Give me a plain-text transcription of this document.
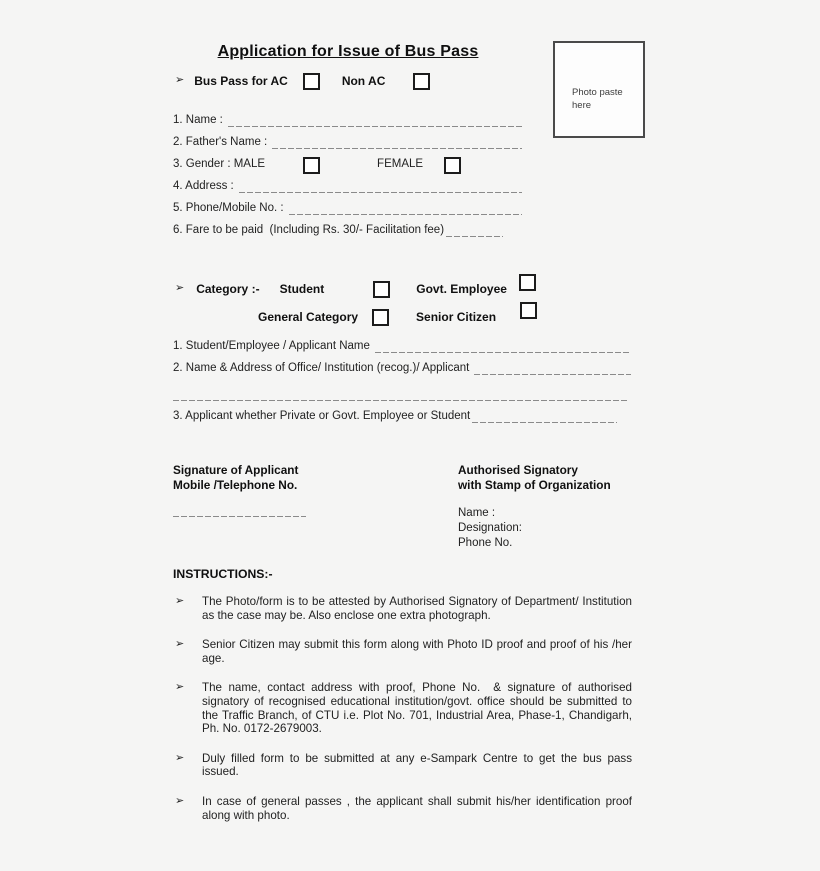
Application for Issue of Bus Pass
Photo paste here
➢ Bus Pass for AC	Non AC
1. Name :
2. Father's Name :
3. Gender : MALE	FEMALE
4. Address :
5. Phone/Mobile No. :
6. Fare to be paid  (Including Rs. 30/- Facilitation fee)
➢ Category :- Student	Govt. Employee
General Category	Senior Citizen
1. Student/Employee / Applicant Name
2. Name & Address of Office/ Institution (recog.)/ Applicant
3. Applicant whether Private or Govt. Employee or Student
Signature of Applicant
Mobile /Telephone No.
Authorised Signatory
with Stamp of Organization
Name :
Designation:
Phone No.
INSTRUCTIONS:-
➢	The Photo/form is to be attested by Authorised Signatory of Department/ Institution as the case may be. Also enclose one extra photograph.
➢	Senior Citizen may submit this form along with Photo ID proof and proof of his /her age.
➢	The name, contact address with proof, Phone No.  & signature of authorised signatory of recognised educational institution/govt. office should be submitted to the Traffic Branch, of CTU i.e. Plot No. 701, Industrial Area, Phase-1, Chandigarh, Ph. No. 0172-2679003.
➢	Duly filled form to be submitted at any e-Sampark Centre to get the bus pass issued.
➢	In case of general passes , the applicant shall submit his/her identification proof along with photo.
